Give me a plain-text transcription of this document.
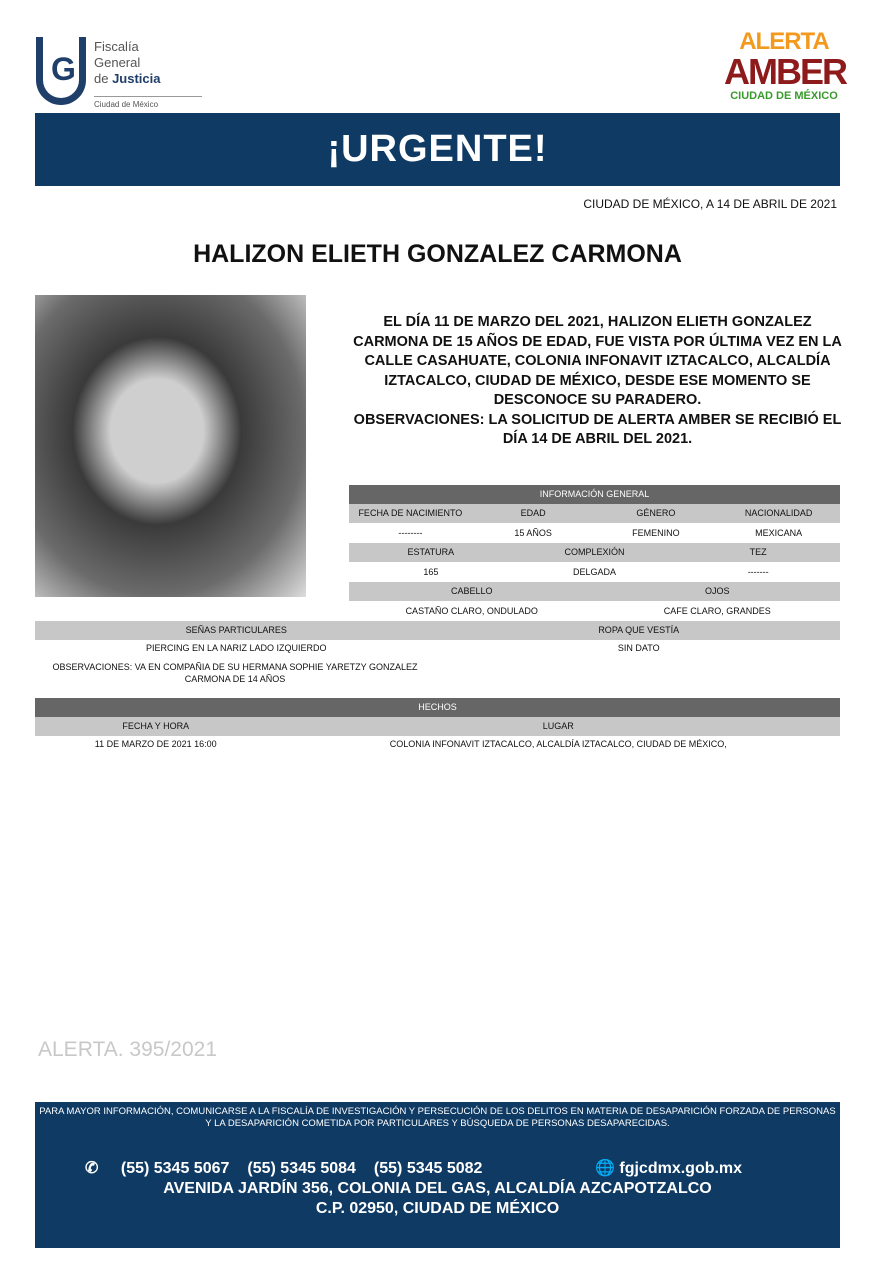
G
Fiscalía
General
de Justicia
Ciudad de México
ALERTA
AMBER
CIUDAD DE MÉXICO
¡URGENTE!
CIUDAD DE MÉXICO, A 14 DE ABRIL DE 2021
HALIZON ELIETH GONZALEZ CARMONA
EL DÍA 11 DE MARZO DEL 2021, HALIZON ELIETH GONZALEZ CARMONA DE 15 AÑOS DE EDAD, FUE VISTA POR ÚLTIMA VEZ EN LA CALLE CASAHUATE, COLONIA INFONAVIT IZTACALCO, ALCALDÍA IZTACALCO, CIUDAD DE MÉXICO, DESDE ESE MOMENTO SE DESCONOCE SU PARADERO.
OBSERVACIONES: LA SOLICITUD DE ALERTA AMBER SE RECIBIÓ EL DÍA 14 DE ABRIL DEL 2021.
INFORMACIÓN GENERAL
FECHA DE NACIMIENTO	EDAD	GÉNERO	NACIONALIDAD
--------	15 AÑOS	FEMENINO	MEXICANA
ESTATURA	COMPLEXIÓN	TEZ
165	DELGADA	-------
CABELLO	OJOS
CASTAÑO CLARO, ONDULADO	CAFE CLARO, GRANDES
SEÑAS PARTICULARES	ROPA QUE VESTÍA
PIERCING EN LA NARIZ LADO IZQUIERDO	SIN DATO
OBSERVACIONES: VA EN COMPAÑIA DE SU HERMANA SOPHIE YARETZY GONZALEZ CARMONA DE 14 AÑOS
HECHOS
FECHA Y HORA	LUGAR
11 DE MARZO DE 2021 16:00	COLONIA INFONAVIT IZTACALCO, ALCALDÍA IZTACALCO, CIUDAD DE MÉXICO,
ALERTA. 395/2021
PARA MAYOR INFORMACIÓN, COMUNICARSE A LA FISCALÍA DE INVESTIGACIÓN Y PERSECUCIÓN DE LOS DELITOS EN MATERIA DE DESAPARICIÓN FORZADA DE PERSONAS Y LA DESAPARICIÓN COMETIDA POR PARTICULARES Y BÚSQUEDA DE PERSONAS DESAPARECIDAS.
✆ (55) 5345 5067 (55) 5345 5084 (55) 5345 5082	🌐 fgjcdmx.gob.mx
AVENIDA JARDÍN 356, COLONIA DEL GAS, ALCALDÍA AZCAPOTZALCO
C.P. 02950, CIUDAD DE MÉXICO
